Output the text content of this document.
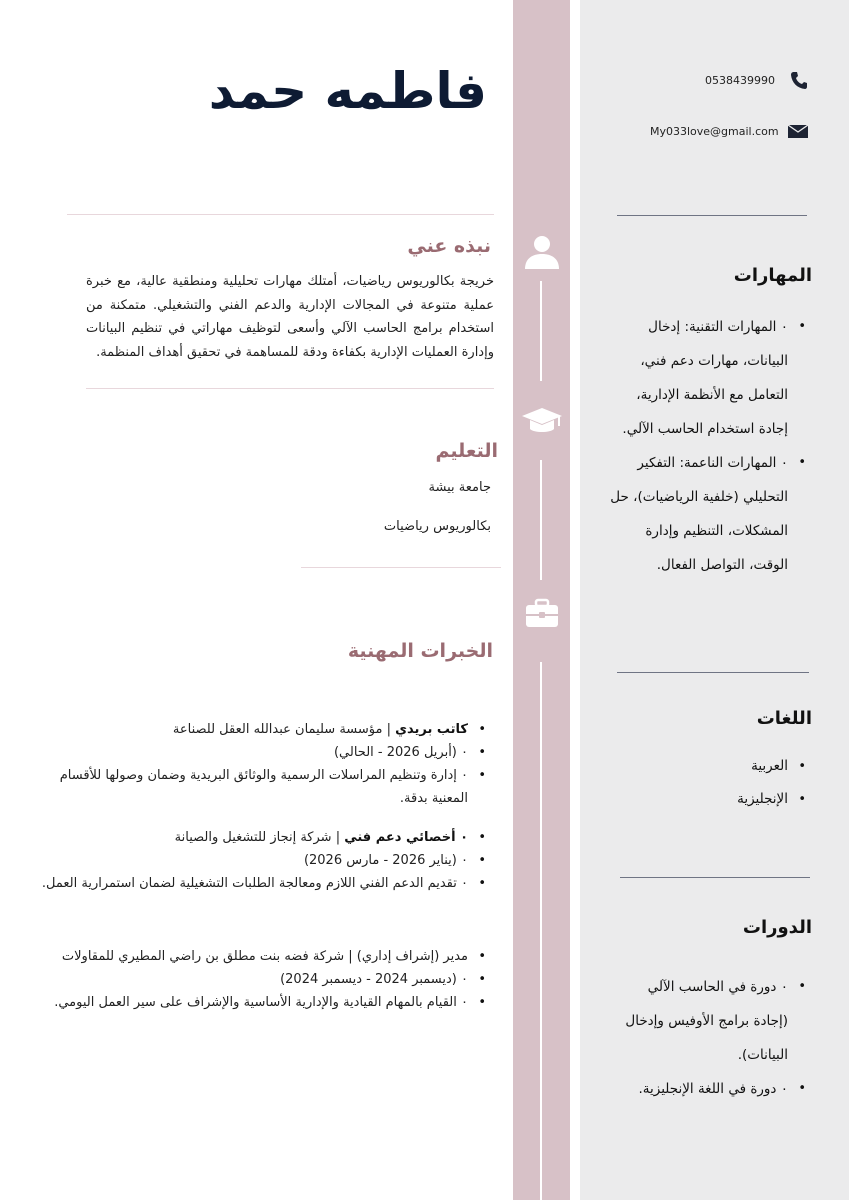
فاطمه حمد	0538439990
My033love@gmail.com
نبذه عني

خريجة بكالوريوس رياضيات، أمتلك مهارات تحليلية ومنطقية عالية، مع خبرة عملية متنوعة في المجالات الإدارية والدعم الفني والتشغيلي. متمكنة من استخدام برامج الحاسب الآلي وأسعى لتوظيف مهاراتي في تنظيم البيانات وإدارة العمليات الإدارية بكفاءة ودقة للمساهمة في تحقيق أهداف المنظمة.

التعليم
جامعة بيشة
بكالوريوس رياضيات
الخبرات المهنية
• كاتب بريدي | مؤسسة سليمان عبدالله العقل للصناعة
• ٠ (أبريل 2026 - الحالي)
• ٠ إدارة وتنظيم المراسلات الرسمية والوثائق البريدية وضمان وصولها للأقسام المعنية بدقة.
• ٠ أخصائي دعم فني | شركة إنجاز للتشغيل والصيانة
• ٠ (يناير 2026 - مارس 2026)
• ٠ تقديم الدعم الفني اللازم ومعالجة الطلبات التشغيلية لضمان استمرارية العمل.
• مدير (إشراف إداري) | شركة فضه بنت مطلق بن راضي المطيري للمقاولات
• ٠ (ديسمبر 2024 - ديسمبر 2024)
• ٠ القيام بالمهام القيادية والإدارية الأساسية والإشراف على سير العمل اليومي.
المهارات
• ٠ المهارات التقنية: إدخال البيانات، مهارات دعم فني، التعامل مع الأنظمة الإدارية، إجادة استخدام الحاسب الآلي.
• ٠ المهارات الناعمة: التفكير التحليلي (خلفية الرياضيات)، حل المشكلات، التنظيم وإدارة الوقت، التواصل الفعال.
اللغات
• العربية
• الإنجليزية
الدورات
• ٠ دورة في الحاسب الآلي (إجادة برامج الأوفيس وإدخال البيانات).
• ٠ دورة في اللغة الإنجليزية.
